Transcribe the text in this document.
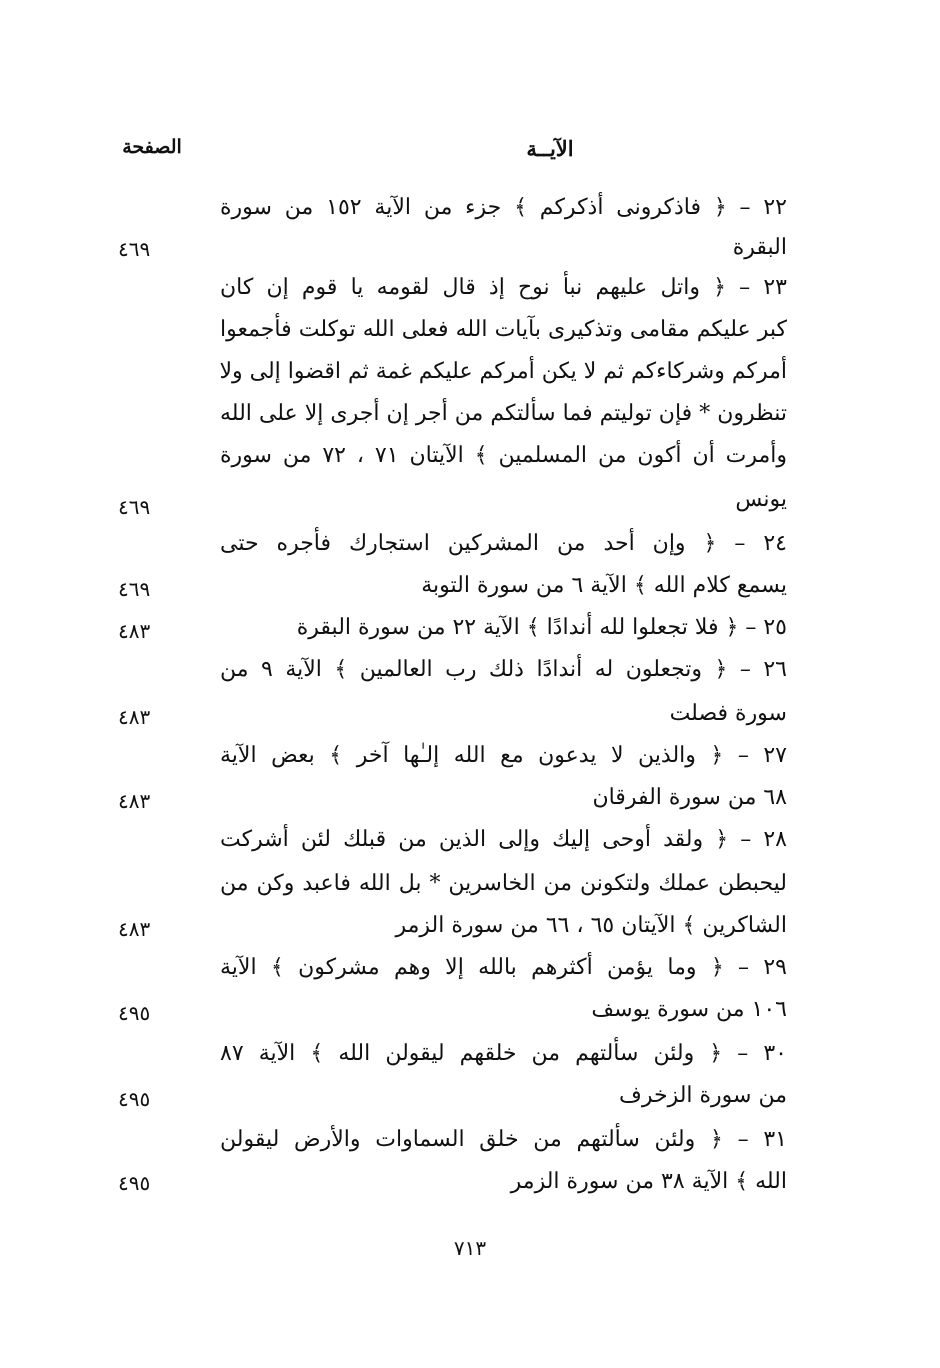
الآيــة
الصفحة
٢٢ – ﴿ فاذكرونى أذكركم ﴾ جزء من الآية ١٥٢ من سورة
البقرة
٤٦٩
٢٣ – ﴿ واتل عليهم نبأ نوح إذ قال لقومه يا قوم إن كان
كبر عليكم مقامى وتذكيرى بآيات الله فعلى الله توكلت فأجمعوا
أمركم وشركاءكم ثم لا يكن أمركم عليكم غمة ثم اقضوا إلى ولا
تنظرون * فإن توليتم فما سألتكم من أجر إن أجرى إلا على الله
وأمرت أن أكون من المسلمين ﴾ الآيتان ٧١ ، ٧٢ من سورة
يونس
٤٦٩
٢٤ – ﴿ وإن أحد من المشركين استجارك فأجره حتى
يسمع كلام الله ﴾ الآية ٦ من سورة التوبة
٤٦٩
٢٥ – ﴿ فلا تجعلوا لله أندادًا ﴾ الآية ٢٢ من سورة البقرة
٤٨٣
٢٦ – ﴿ وتجعلون له أندادًا ذلك رب العالمين ﴾ الآية ٩ من
سورة فصلت
٤٨٣
٢٧ – ﴿ والذين لا يدعون مع الله إلـٰها آخر ﴾ بعض الآية
٦٨ من سورة الفرقان
٤٨٣
٢٨ – ﴿ ولقد أوحى إليك وإلى الذين من قبلك لئن أشركت
ليحبطن عملك ولتكونن من الخاسرين * بل الله فاعبد وكن من
الشاكرين ﴾ الآيتان ٦٥ ، ٦٦ من سورة الزمر
٤٨٣
٢٩ – ﴿ وما يؤمن أكثرهم بالله إلا وهم مشركون ﴾ الآية
١٠٦ من سورة يوسف
٤٩٥
٣٠ – ﴿ ولئن سألتهم من خلقهم ليقولن الله ﴾ الآية ٨٧
من سورة الزخرف
٤٩٥
٣١ – ﴿ ولئن سألتهم من خلق السماوات والأرض ليقولن
الله ﴾ الآية ٣٨ من سورة الزمر
٤٩٥
٧١٣
